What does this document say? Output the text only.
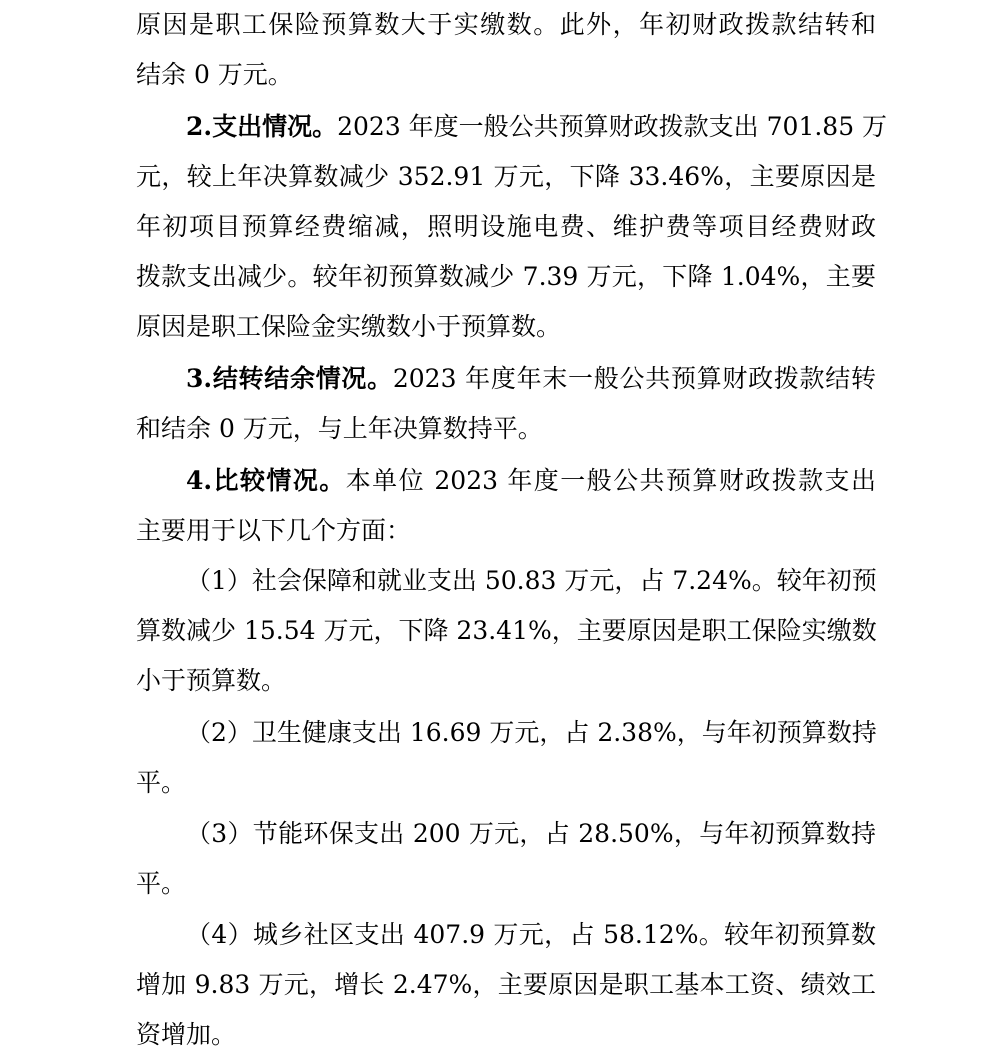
原因是职工保险预算数大于实缴数。此外，年初财政拨款结转和
结余 0 万元。
2.支出情况。2023 年度一般公共预算财政拨款支出 701.85 万
元，较上年决算数减少 352.91 万元，下降 33.46%，主要原因是
年初项目预算经费缩减，照明设施电费、维护费等项目经费财政
拨款支出减少。较年初预算数减少 7.39 万元，下降 1.04%，主要
原因是职工保险金实缴数小于预算数。
3.结转结余情况。2023 年度年末一般公共预算财政拨款结转
和结余 0 万元，与上年决算数持平。
4.比较情况。本单位 2023 年度一般公共预算财政拨款支出
主要用于以下几个方面：
（1）社会保障和就业支出 50.83 万元，占 7.24%。较年初预
算数减少 15.54 万元，下降 23.41%，主要原因是职工保险实缴数
小于预算数。
（2）卫生健康支出 16.69 万元，占 2.38%，与年初预算数持
平。
（3）节能环保支出 200 万元，占 28.50%，与年初预算数持
平。
（4）城乡社区支出 407.9 万元，占 58.12%。较年初预算数
增加 9.83 万元，增长 2.47%，主要原因是职工基本工资、绩效工
资增加。
